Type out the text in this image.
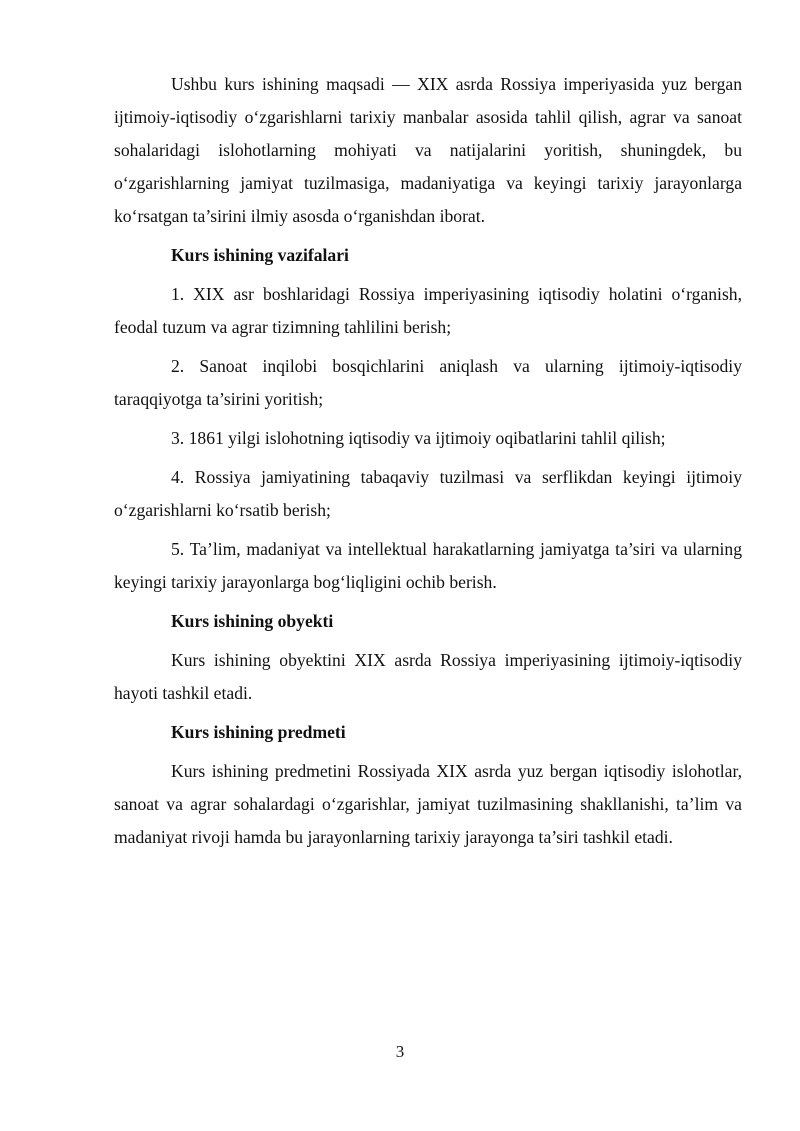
Ushbu kurs ishining maqsadi — XIX asrda Rossiya imperiyasida yuz bergan ijtimoiy-iqtisodiy o‘zgarishlarni tarixiy manbalar asosida tahlil qilish, agrar va sanoat sohalaridagi islohotlarning mohiyati va natijalarini yoritish, shuningdek, bu o‘zgarishlarning jamiyat tuzilmasiga, madaniyatiga va keyingi tarixiy jarayonlarga ko‘rsatgan ta’sirini ilmiy asosda o‘rganishdan iborat.

Kurs ishining vazifalari

1. XIX asr boshlaridagi Rossiya imperiyasining iqtisodiy holatini o‘rganish, feodal tuzum va agrar tizimning tahlilini berish;

2. Sanoat inqilobi bosqichlarini aniqlash va ularning ijtimoiy-iqtisodiy taraqqiyotga ta’sirini yoritish;

3. 1861 yilgi islohotning iqtisodiy va ijtimoiy oqibatlarini tahlil qilish;

4. Rossiya jamiyatining tabaqaviy tuzilmasi va serflikdan keyingi ijtimoiy o‘zgarishlarni ko‘rsatib berish;

5. Ta’lim, madaniyat va intellektual harakatlarning jamiyatga ta’siri va ularning keyingi tarixiy jarayonlarga bog‘liqligini ochib berish.

Kurs ishining obyekti

Kurs ishining obyektini XIX asrda Rossiya imperiyasining ijtimoiy-iqtisodiy hayoti tashkil etadi.

Kurs ishining predmeti

Kurs ishining predmetini Rossiyada XIX asrda yuz bergan iqtisodiy islohotlar, sanoat va agrar sohalardagi o‘zgarishlar, jamiyat tuzilmasining shakllanishi, ta’lim va madaniyat rivoji hamda bu jarayonlarning tarixiy jarayonga ta’siri tashkil etadi.

3
